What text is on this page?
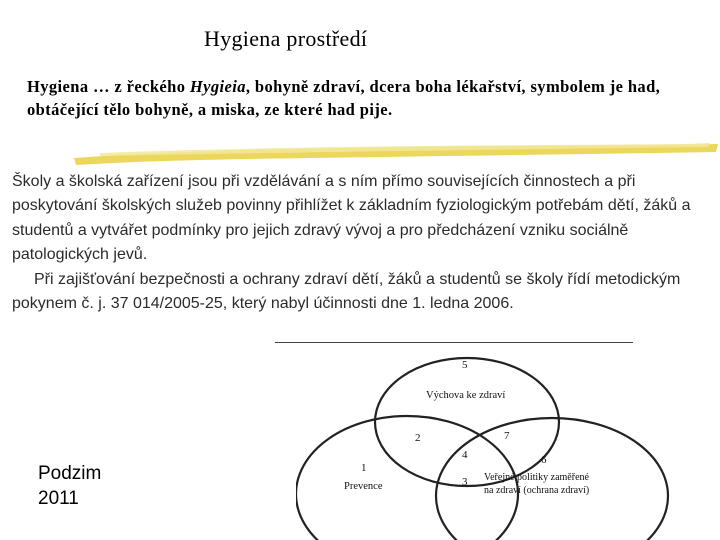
Hygiena prostředí
Hygiena … z řeckého Hygieia, bohyně zdraví, dcera boha lékařství, symbolem je had, obtáčející tělo bohyně, a miska, ze které had pije.

Školy a školská zařízení jsou při vzdělávání a s ním přímo souvisejících činnostech a při poskytování školských služeb povinny přihlížet k základním fyziologickým potřebám dětí, žáků a studentů a vytvářet podmínky pro jejich zdravý vývoj a pro předcházení vzniku sociálně patologických jevů.

Při zajišťování bezpečnosti a ochrany zdraví dětí, žáků a studentů se školy řídí metodickým pokynem č. j. 37 014/2005-25, který nabyl účinnosti dne 1. ledna 2006.

5
Výchova ke zdraví
2	7
4
1
6
Prevence	3 Veřejné politiky zaměřené
na zdraví (ochrana zdraví)
Podzim
2011
